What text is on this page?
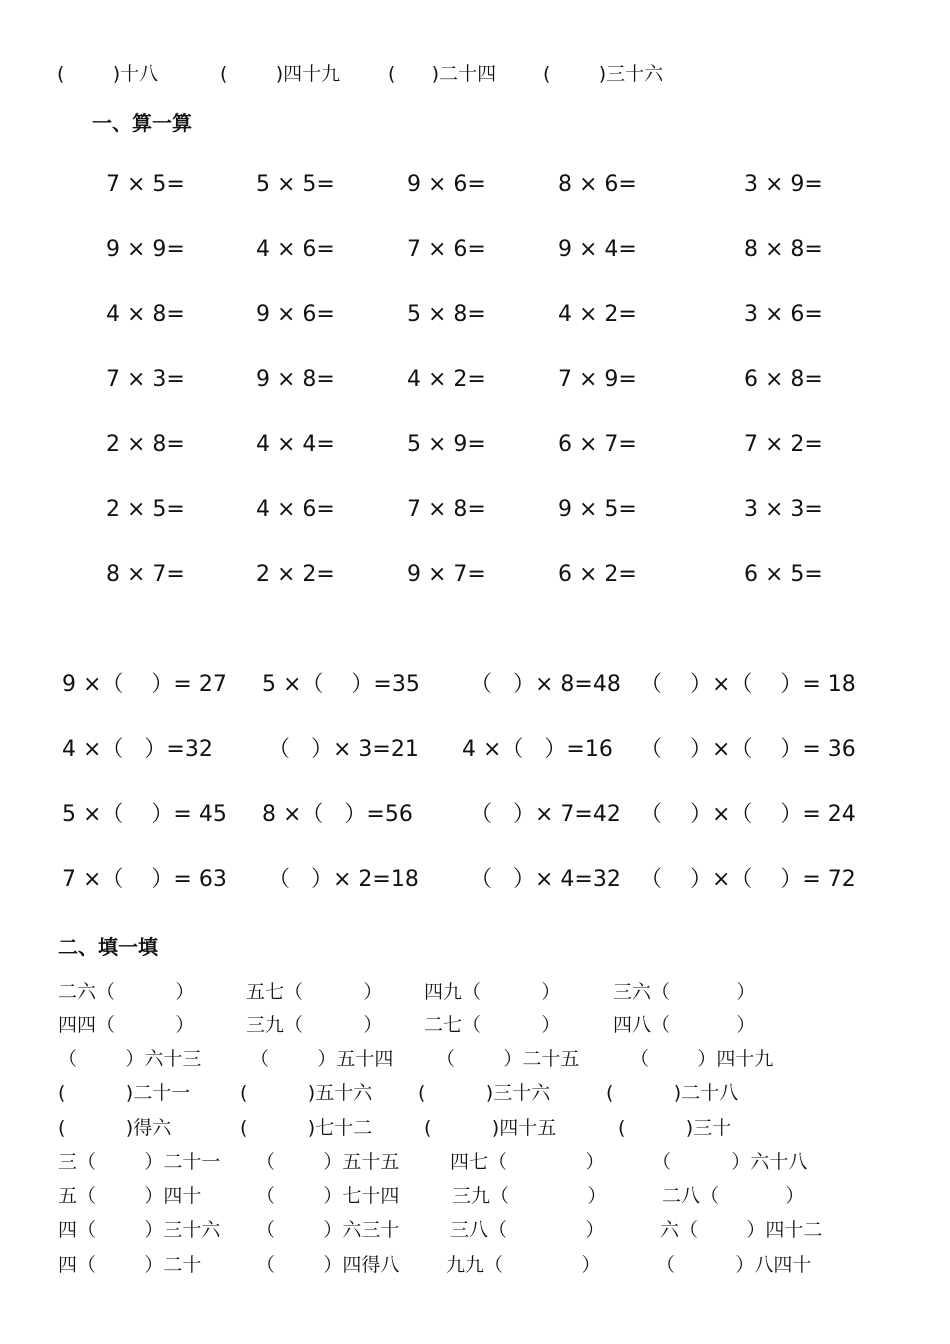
(        )十八	(        )四十九	(      )二十四 (        )三十六
一、算一算
7 × 5=	5 × 5=	9 × 6=	8 × 6=	3 × 9=
9 × 9=	4 × 6=	7 × 6=	9 × 4=	8 × 8=
4 × 8=	9 × 6=	5 × 8=	4 × 2=	3 × 6=
7 × 3=	9 × 8=	4 × 2=	7 × 9=	6 × 8=
2 × 8=	4 × 4=	5 × 9=	6 × 7=	7 × 2=
2 × 5=	4 × 6=	7 × 8=	9 × 5=	3 × 3=
8 × 7=	2 × 2=	9 × 7=	6 × 2=	6 × 5=
9 ×（    ）= 27 5 ×（    ）=35 （   ）× 8=48 （    ）×（    ）= 18
4 ×（   ）=32	（   ）× 3=21 4 ×（   ）=16 （    ）×（    ）= 36
5 ×（    ）= 45 8 ×（   ）=56	（   ）× 7=42 （    ）×（    ）= 24
7 ×（    ）= 63 （   ）× 2=18 （   ）× 4=32 （    ）×（    ）= 72
二、填一填
二六（          ）	五七（          ） 四九（          ）	三六（           ）
四四（          ）	三九（          ） 二七（          ）	四八（           ）
（        ）六十三	（        ）五十四 （        ）二十五	（        ）四十九
(          )二十一	(          )五十六 (          )三十六	(          )二十八
(          )得六	(          )七十二	(          )四十五	(          )三十
三（        ）二十一 （        ）五十五	四七（             ） （          ）六十八
五（        ）四十	（        ）七十四	三九（             ）	二八（           ）
四（        ）三十六 （        ）六三十	三八（             ）	六（        ）四十二
四（        ）二十	（        ）四得八 九九（             ）	（          ）八四十
